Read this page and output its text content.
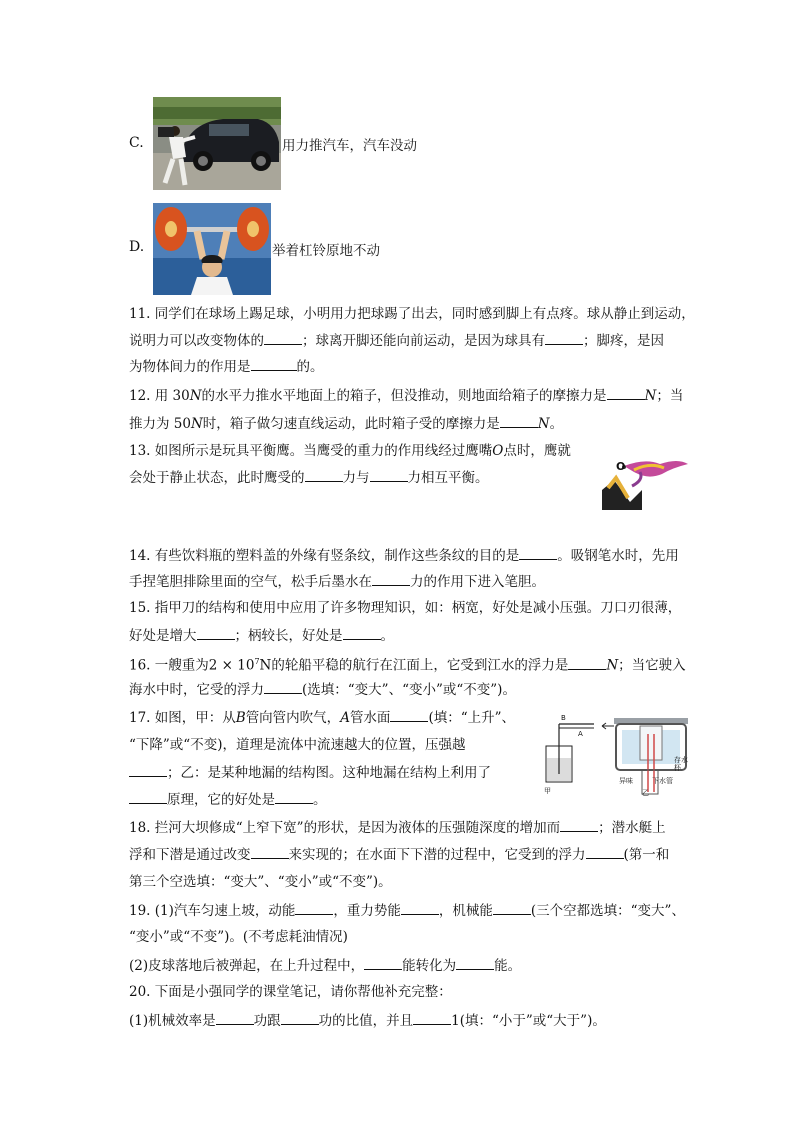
C.	用力推汽车，汽车没动
D.	举着杠铃原地不动
11. 同学们在球场上踢足球，小明用力把球踢了出去，同时感到脚上有点疼。球从静止到运动，
说明力可以改变物体的	；球离开脚还能向前运动，是因为球具有	；脚疼，是因
为物体间力的作用是	的。
12. 用 30N的水平力推水平地面上的箱子，但没推动，则地面给箱子的摩擦力是	N；当
推力为 50N时，箱子做匀速直线运动，此时箱子受的摩擦力是	N。
13. 如图所示是玩具平衡鹰。当鹰受的重力的作用线经过鹰嘴O点时，鹰就
会处于静止状态，此时鹰受的	力与	力相互平衡。
O
14. 有些饮料瓶的塑料盖的外缘有竖条纹，制作这些条纹的目的是	。吸钢笔水时，先用
手捏笔胆排除里面的空气，松手后墨水在	力的作用下进入笔胆。
15. 指甲刀的结构和使用中应用了许多物理知识，如：柄宽，好处是减小压强。刀口刃很薄，
好处是增大	；柄较长，好处是	。
16. 一艘重为$2 \times 10^7N$的轮船平稳的航行在江面上，它受到江水的浮力是	N；当它驶入
海水中时，它受的浮力	(选填：“变大”、“变小”或“不变”)。
17. 如图，甲：从B管向管内吹气，A管水面	(填：“上升”、
“下降”或“不变)，道理是流体中流速越大的位置，压强越
；乙：是某种地漏的结构图。这种地漏在结构上利用了
原理，它的好处是	。
甲	乙
B
A
存水杯
异味	下水管
18. 拦河大坝修成“上窄下宽”的形状，是因为液体的压强随深度的增加而	；潜水艇上
浮和下潜是通过改变	来实现的；在水面下下潜的过程中，它受到的浮力	(第一和
第三个空选填：“变大”、“变小”或“不变”)。
19. (1)汽车匀速上坡，动能	，重力势能	，机械能	(三个空都选填：“变大”、
“变小”或“不变”)。(不考虑耗油情况)
(2)皮球落地后被弹起，在上升过程中，	能转化为	能。
20. 下面是小强同学的课堂笔记，请你帮他补充完整：
(1)机械效率是	功跟	功的比值，并且	1(填：“小于”或“大于”)。
